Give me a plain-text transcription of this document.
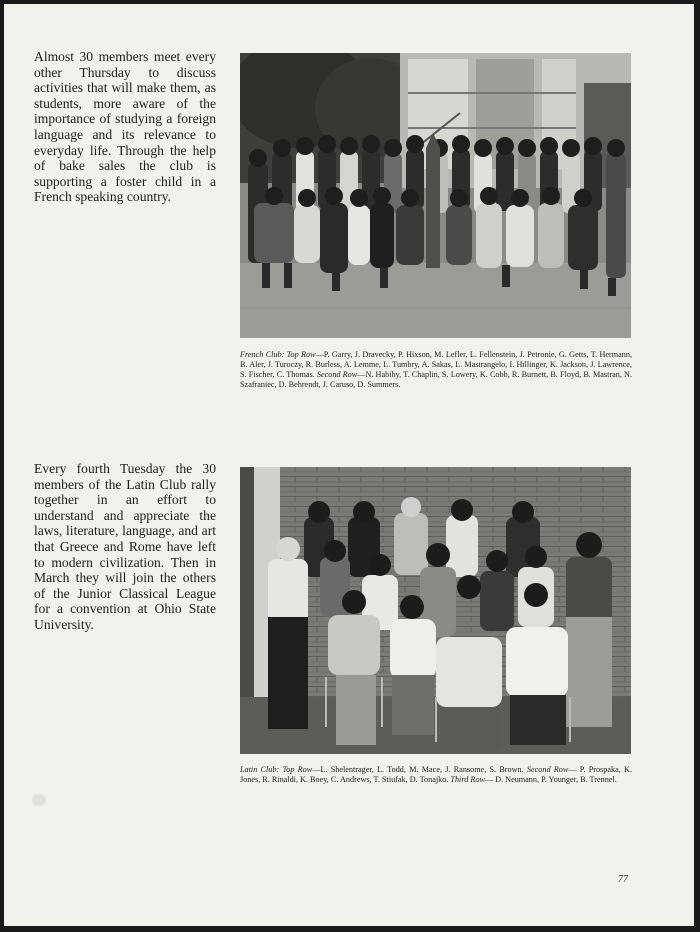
Almost 30 members meet every other Thursday to discuss activities that will make them, as students, more aware of the importance of studying a foreign language and its relevance to everyday life. Through the help of bake sales the club is supporting a foster child in a French speaking country.
French Club: Top Row—P. Garry, J. Dravecky, P. Hixson, M. Lefler, L. Fellenstein, J. Petronie, G. Getts, T. Hermann, B. Aler, J. Turoczy, R. Burless, A. Lemme, L. Tumbry, A. Sakas, L. Mastrangelo, I. Hillinger, K. Jackson, J. Lawrence, S. Fischer, C. Thomas. Second Row—N. Habiby, T. Chaplin, S. Lowery, K. Cobb, R. Burnett, B. Floyd, B. Mastran, N. Szafraniec, D. Behrendt, J. Caruso, D. Summers.
Every fourth Tuesday the 30 members of the Latin Club rally together in an effort to understand and appreciate the laws, literature, language, and art that Greece and Rome have left to modern civilization. Then in March they will join the others of the Junior Classical League for a convention at Ohio State University.
Latin Club: Top Row—L. Shelentrager, L. Todd, M. Mace, J. Ransome, S. Brown. Second Row— P. Prospaka, K. Jones, R. Rinaldi, K. Boey, C. Andrews, T. Stiufak, D. Tonajko. Third Row— D. Neumann, P. Younger, B. Trennel.
77
